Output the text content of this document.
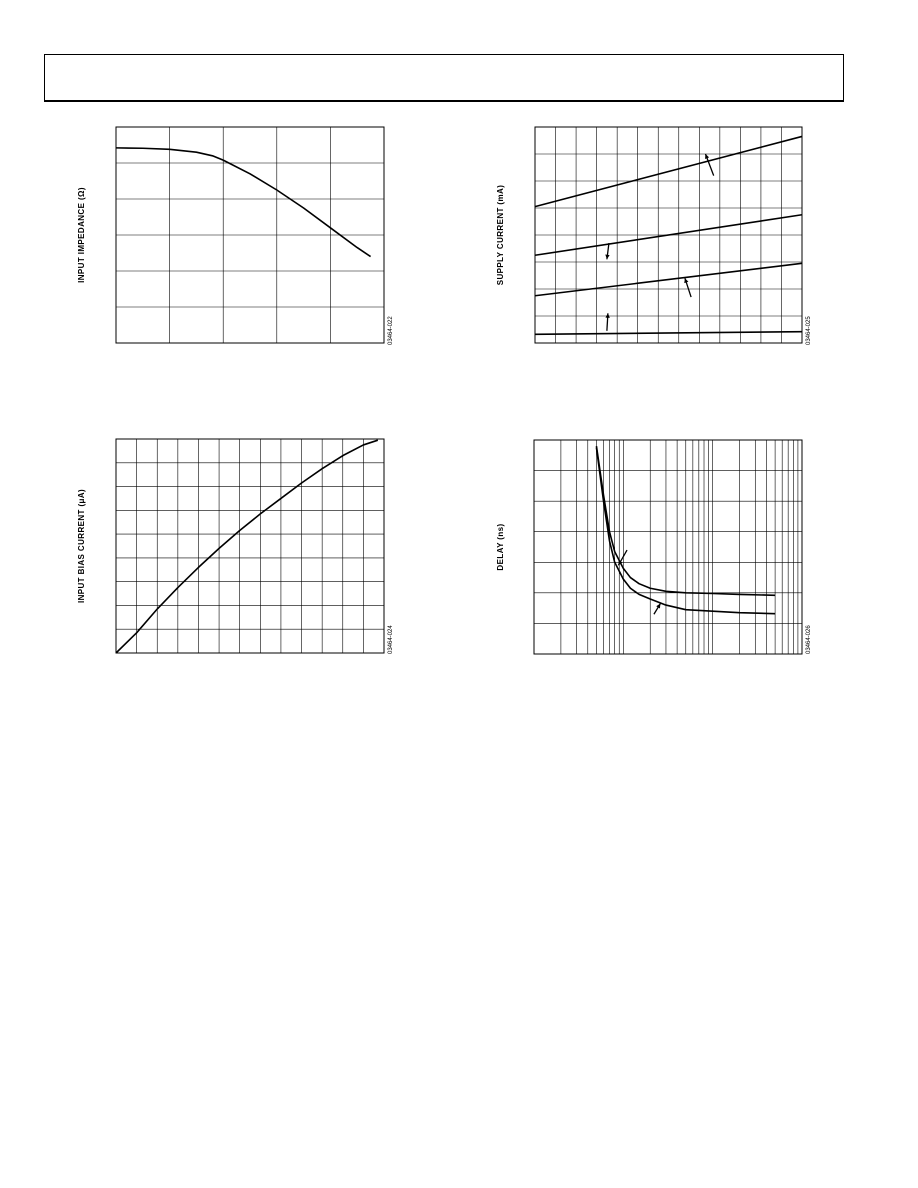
INPUT IMPEDANCE (Ω)
03464-022
SUPPLY CURRENT (mA)
03464-025
INPUT BIAS CURRENT (μA)
03464-024
DELAY (ns)
03464-026
